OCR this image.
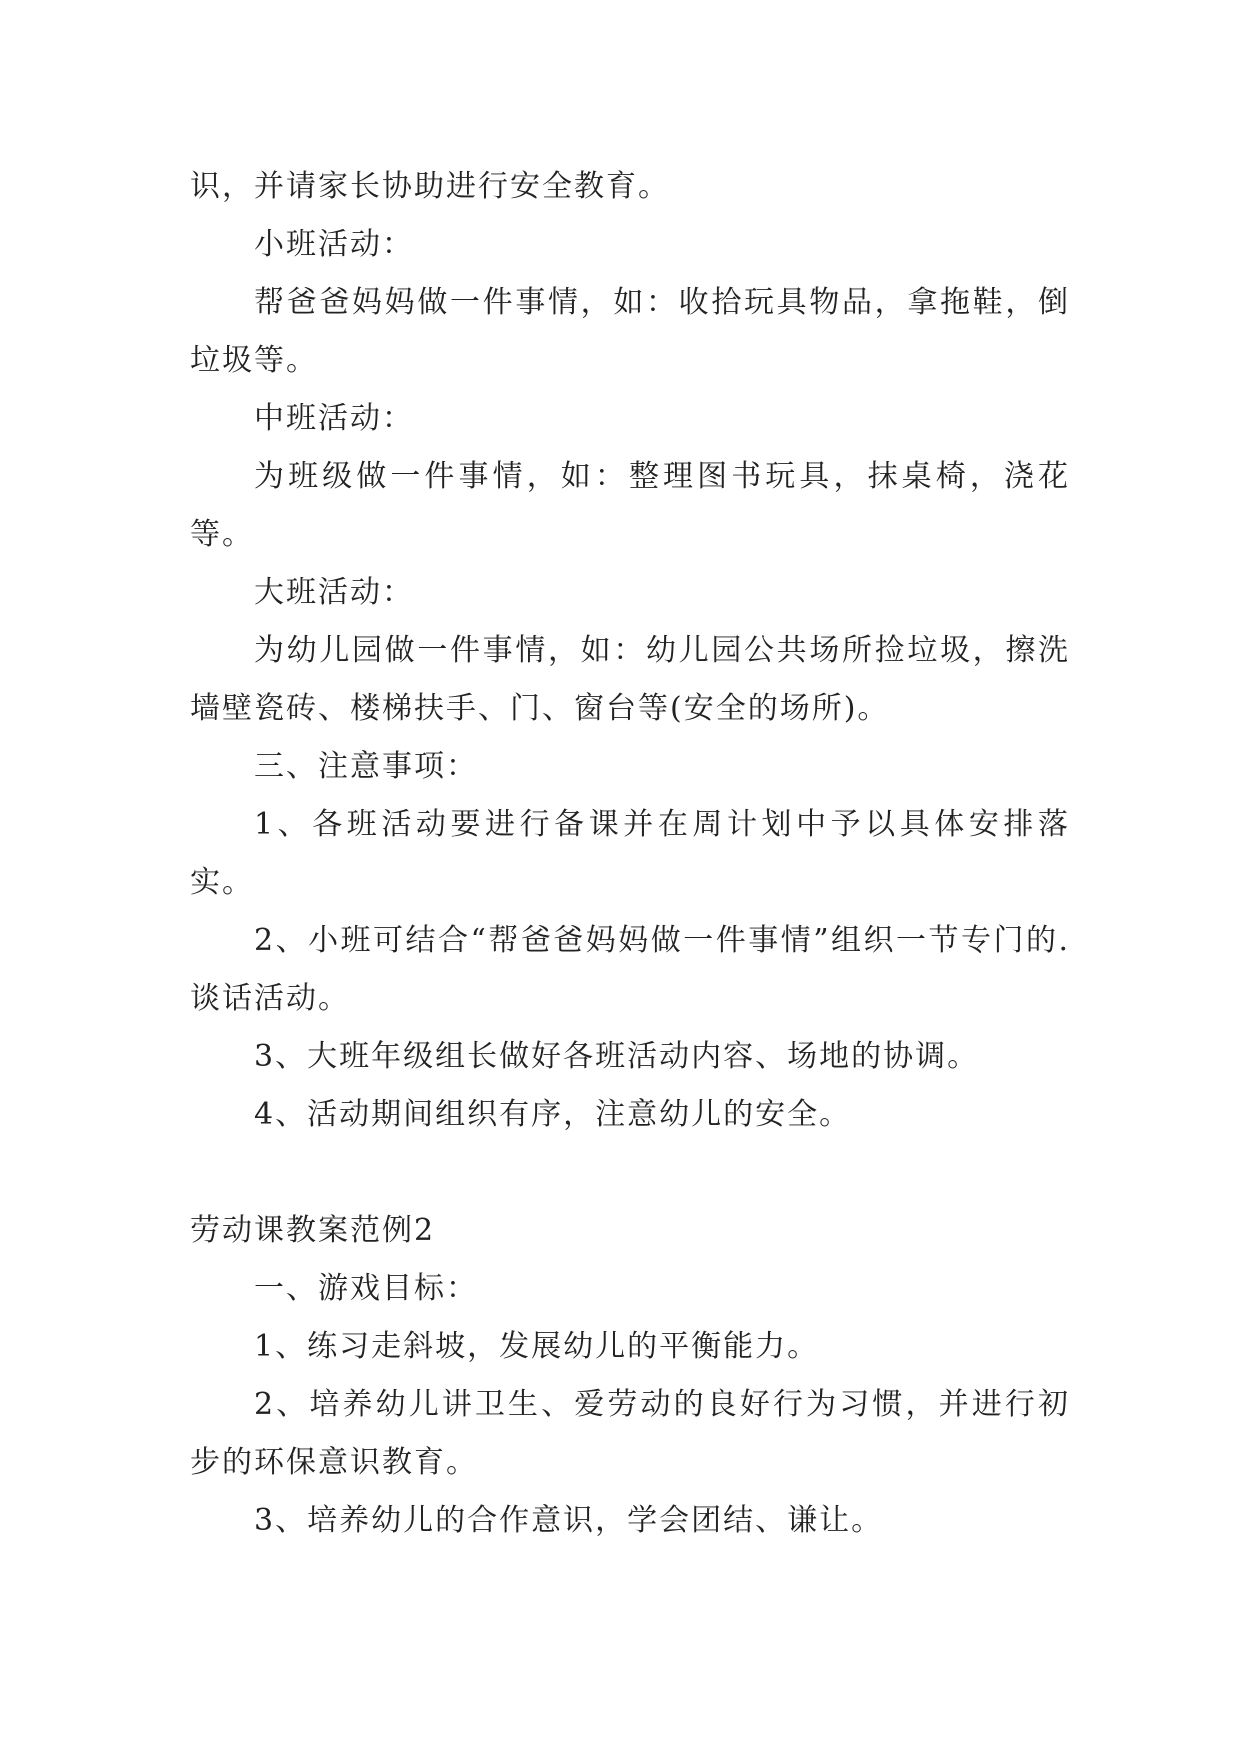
识，并请家长协助进行安全教育。

小班活动：

帮爸爸妈妈做一件事情，如：收拾玩具物品，拿拖鞋，倒垃圾等。

中班活动：

为班级做一件事情，如：整理图书玩具，抹桌椅，浇花等。

大班活动：

为幼儿园做一件事情，如：幼儿园公共场所捡垃圾，擦洗墙壁瓷砖、楼梯扶手、门、窗台等(安全的场所)。

三、注意事项：

1、各班活动要进行备课并在周计划中予以具体安排落实。

2、小班可结合“帮爸爸妈妈做一件事情”组织一节专门的.谈话活动。

3、大班年级组长做好各班活动内容、场地的协调。

4、活动期间组织有序，注意幼儿的安全。

劳动课教案范例2

一、游戏目标：

1、练习走斜坡，发展幼儿的平衡能力。

2、培养幼儿讲卫生、爱劳动的良好行为习惯，并进行初步的环保意识教育。

3、培养幼儿的合作意识，学会团结、谦让。
